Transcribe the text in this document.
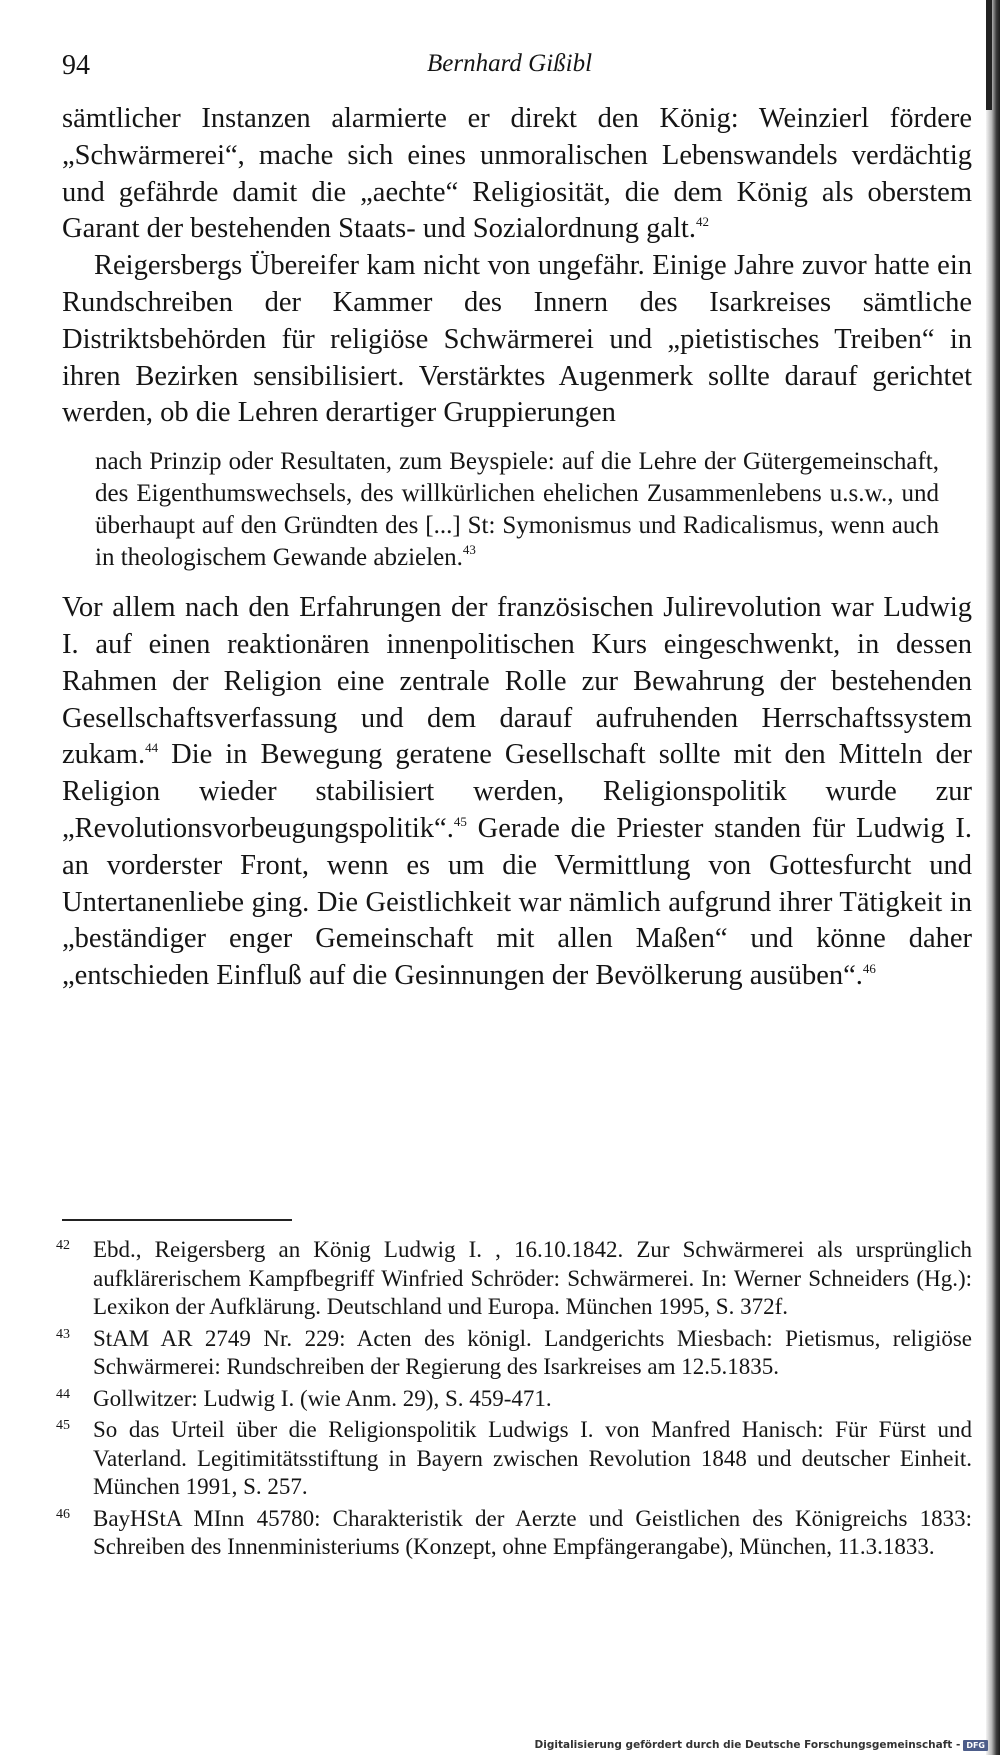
94	Bernhard Gißibl

sämtlicher Instanzen alarmierte er direkt den König: Weinzierl fördere „Schwärmerei“, mache sich eines unmoralischen Lebenswandels verdächtig und gefährde damit die „aechte“ Religiosität, die dem König als oberstem Garant der bestehenden Staats- und Sozialordnung galt.$^{42}$

Reigersbergs Übereifer kam nicht von ungefähr. Einige Jahre zuvor hatte ein Rundschreiben der Kammer des Innern des Isarkreises sämtliche Distriktsbehörden für religiöse Schwärmerei und „pietistisches Treiben“ in ihren Bezirken sensibilisiert. Verstärktes Augenmerk sollte darauf gerichtet werden, ob die Lehren derartiger Gruppierungen

nach Prinzip oder Resultaten, zum Beyspiele: auf die Lehre der Gütergemeinschaft, des Eigenthumswechsels, des willkürlichen ehelichen Zusammenlebens u.s.w., und überhaupt auf den Gründten des [...] St: Symonismus und Radicalismus, wenn auch in theologischem Gewande abzielen.$^{43}$

Vor allem nach den Erfahrungen der französischen Julirevolution war Ludwig I. auf einen reaktionären innenpolitischen Kurs eingeschwenkt, in dessen Rahmen der Religion eine zentrale Rolle zur Bewahrung der bestehenden Gesellschaftsverfassung und dem darauf aufruhenden Herrschaftssystem zukam.$^{44}$ Die in Bewegung geratene Gesellschaft sollte mit den Mitteln der Religion wieder stabilisiert werden, Religionspolitik wurde zur „Revolutionsvorbeugungspolitik“.$^{45}$ Gerade die Priester standen für Ludwig I. an vorderster Front, wenn es um die Vermittlung von Gottesfurcht und Untertanenliebe ging. Die Geistlichkeit war nämlich aufgrund ihrer Tätigkeit in „beständiger enger Gemeinschaft mit allen Maßen“ und könne daher „entschieden Einfluß auf die Gesinnungen der Bevölkerung ausüben“.$^{46}$

42 Ebd., Reigersberg an König Ludwig I. , 16.10.1842. Zur Schwärmerei als ursprünglich aufklärerischem Kampfbegriff Winfried Schröder: Schwärmerei. In: Werner Schneiders (Hg.): Lexikon der Aufklärung. Deutschland und Europa. München 1995, S. 372f.
43 StAM AR 2749 Nr. 229: Acten des königl. Landgerichts Miesbach: Pietismus, religiöse Schwärmerei: Rundschreiben der Regierung des Isarkreises am 12.5.1835.
44 Gollwitzer: Ludwig I. (wie Anm. 29), S. 459-471.
45 So das Urteil über die Religionspolitik Ludwigs I. von Manfred Hanisch: Für Fürst und Vaterland. Legitimitätsstiftung in Bayern zwischen Revolution 1848 und deutscher Einheit. München 1991, S. 257.
46 BayHStA MInn 45780: Charakteristik der Aerzte und Geistlichen des Königreichs 1833: Schreiben des Innenministeriums (Konzept, ohne Empfängerangabe), München, 11.3.1833.
Digitalisierung gefördert durch die Deutsche Forschungsgemeinschaft - DFG
